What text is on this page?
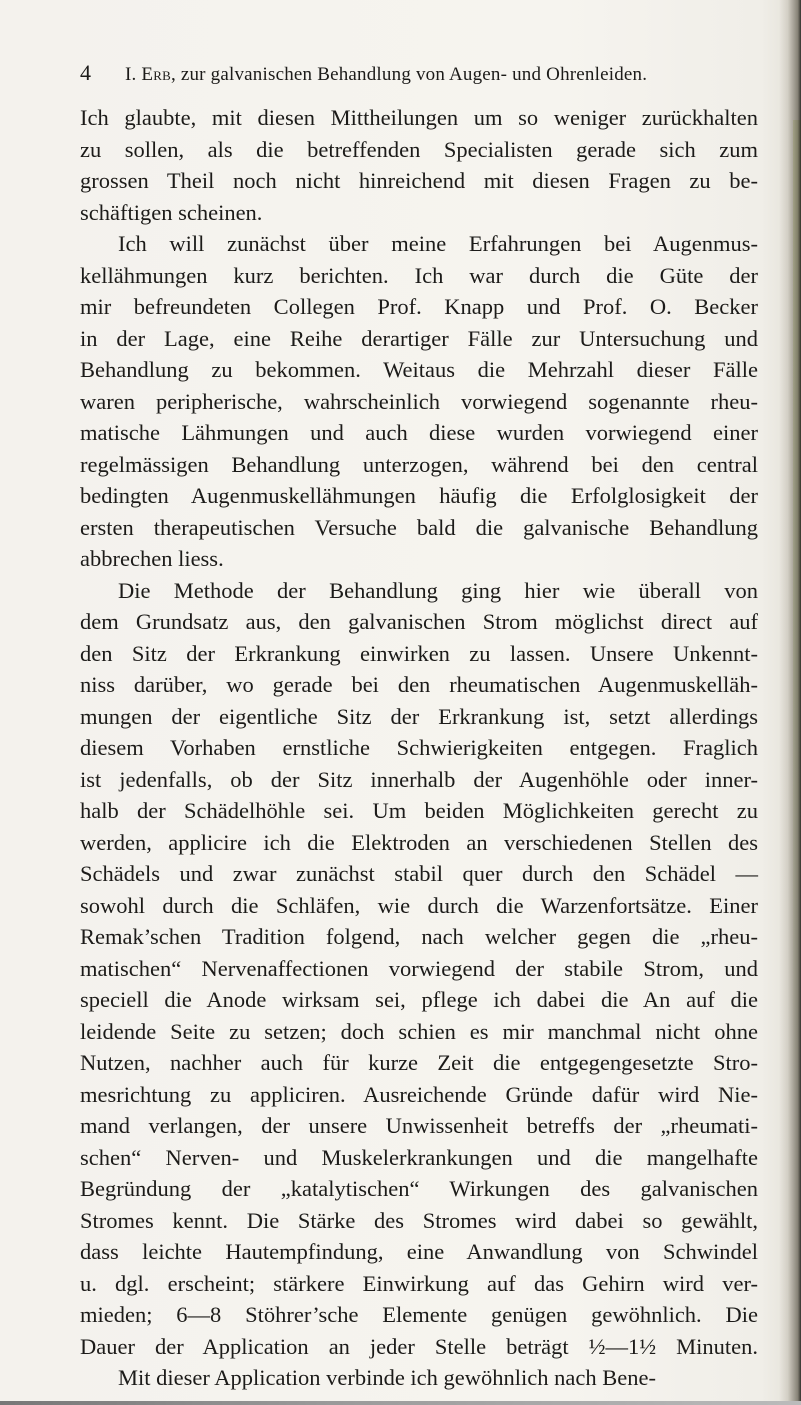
4 I. Erb, zur galvanischen Behandlung von Augen- und Ohrenleiden.
Ich glaubte, mit diesen Mittheilungen um so weniger zurückhalten
zu sollen, als die betreffenden Specialisten gerade sich zum
grossen Theil noch nicht hinreichend mit diesen Fragen zu be-
schäftigen scheinen.
Ich will zunächst über meine Erfahrungen bei Augenmus-
kellähmungen kurz berichten. Ich war durch die Güte der
mir befreundeten Collegen Prof. Knapp und Prof. O. Becker
in der Lage, eine Reihe derartiger Fälle zur Untersuchung und
Behandlung zu bekommen. Weitaus die Mehrzahl dieser Fälle
waren peripherische, wahrscheinlich vorwiegend sogenannte rheu-
matische Lähmungen und auch diese wurden vorwiegend einer
regelmässigen Behandlung unterzogen, während bei den central
bedingten Augenmuskellähmungen häufig die Erfolglosigkeit der
ersten therapeutischen Versuche bald die galvanische Behandlung
abbrechen liess.
Die Methode der Behandlung ging hier wie überall von
dem Grundsatz aus, den galvanischen Strom möglichst direct auf
den Sitz der Erkrankung einwirken zu lassen. Unsere Unkennt-
niss darüber, wo gerade bei den rheumatischen Augenmuskelläh-
mungen der eigentliche Sitz der Erkrankung ist, setzt allerdings
diesem Vorhaben ernstliche Schwierigkeiten entgegen. Fraglich
ist jedenfalls, ob der Sitz innerhalb der Augenhöhle oder inner-
halb der Schädelhöhle sei. Um beiden Möglichkeiten gerecht zu
werden, applicire ich die Elektroden an verschiedenen Stellen des
Schädels und zwar zunächst stabil quer durch den Schädel —
sowohl durch die Schläfen, wie durch die Warzenfortsätze. Einer
Remak’schen Tradition folgend, nach welcher gegen die „rheu-
matischen“ Nervenaffectionen vorwiegend der stabile Strom, und
speciell die Anode wirksam sei, pflege ich dabei die An auf die
leidende Seite zu setzen; doch schien es mir manchmal nicht ohne
Nutzen, nachher auch für kurze Zeit die entgegengesetzte Stro-
mesrichtung zu appliciren. Ausreichende Gründe dafür wird Nie-
mand verlangen, der unsere Unwissenheit betreffs der „rheumati-
schen“ Nerven- und Muskelerkrankungen und die mangelhafte
Begründung der „katalytischen“ Wirkungen des galvanischen
Stromes kennt. Die Stärke des Stromes wird dabei so gewählt,
dass leichte Hautempfindung, eine Anwandlung von Schwindel
u. dgl. erscheint; stärkere Einwirkung auf das Gehirn wird ver-
mieden; 6—8 Stöhrer’sche Elemente genügen gewöhnlich. Die
Dauer der Application an jeder Stelle beträgt ½—1½ Minuten.
Mit dieser Application verbinde ich gewöhnlich nach Bene-
